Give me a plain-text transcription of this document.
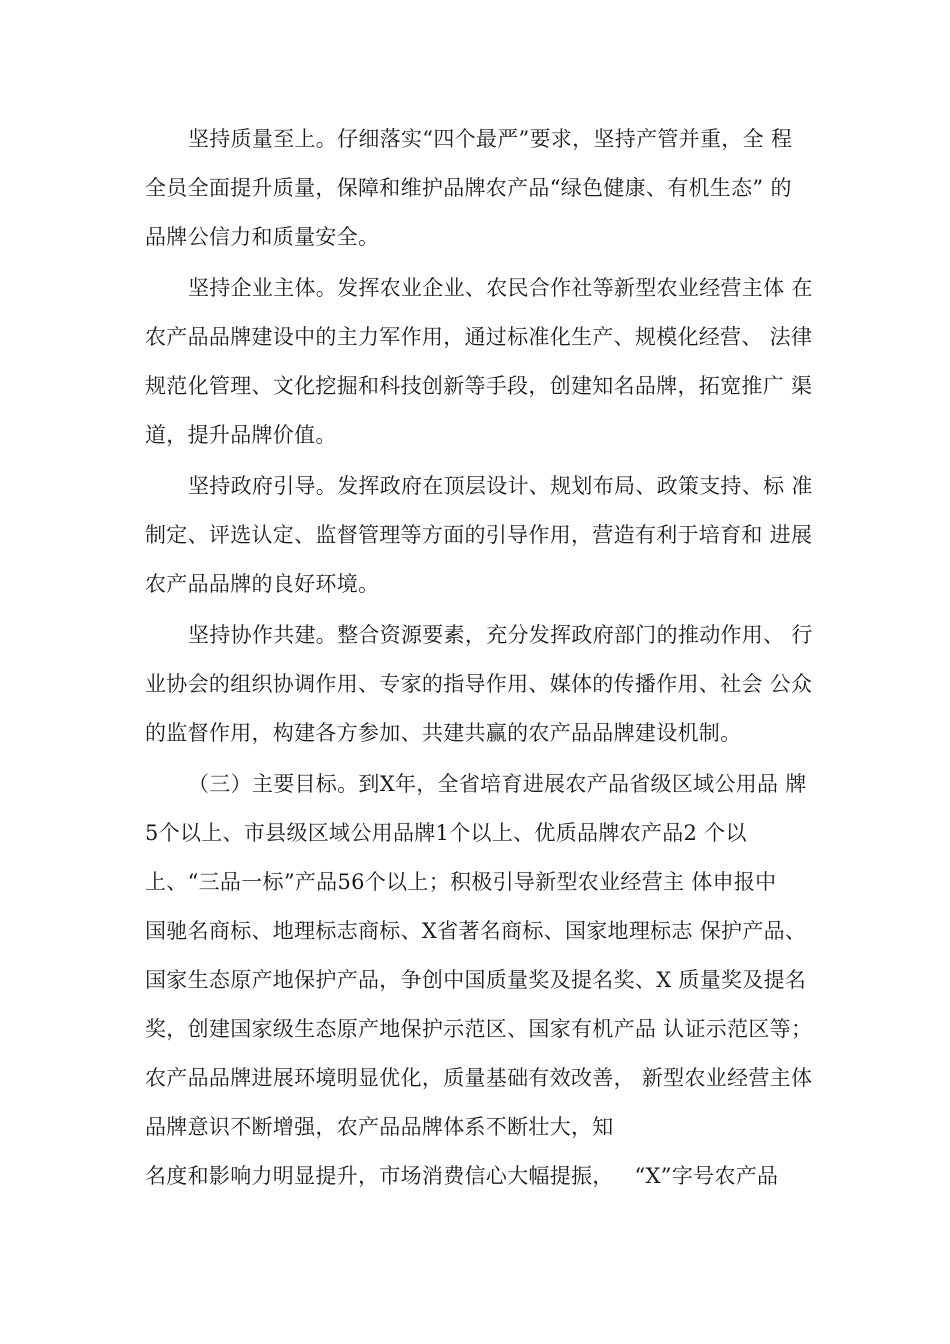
坚持质量至上。仔细落实“四个最严”要求，坚持产管并重，全 程
全员全面提升质量，保障和维护品牌农产品“绿色健康、有机生态” 的
品牌公信力和质量安全。
坚持企业主体。发挥农业企业、农民合作社等新型农业经营主体 在
农产品品牌建设中的主力军作用，通过标准化生产、规模化经营、 法律
规范化管理、文化挖掘和科技创新等手段，创建知名品牌，拓宽推广 渠
道，提升品牌价值。
坚持政府引导。发挥政府在顶层设计、规划布局、政策支持、标 准
制定、评选认定、监督管理等方面的引导作用，营造有利于培育和 进展
农产品品牌的良好环境。
坚持协作共建。整合资源要素，充分发挥政府部门的推动作用、 行
业协会的组织协调作用、专家的指导作用、媒体的传播作用、社会 公众
的监督作用，构建各方参加、共建共赢的农产品品牌建设机制。
（三）主要目标。到X年，全省培育进展农产品省级区域公用品 牌
5个以上、市县级区域公用品牌1个以上、优质品牌农产品2 个以
上、“三品一标”产品56个以上；积极引导新型农业经营主 体申报中
国驰名商标、地理标志商标、X省著名商标、国家地理标志 保护产品、
国家生态原产地保护产品，争创中国质量奖及提名奖、X 质量奖及提名
奖，创建国家级生态原产地保护示范区、国家有机产品 认证示范区等；
农产品品牌进展环境明显优化，质量基础有效改善， 新型农业经营主体
品牌意识不断增强，农产品品牌体系不断壮大，知
名度和影响力明显提升，市场消费信心大幅提振，   “X”字号农产品
